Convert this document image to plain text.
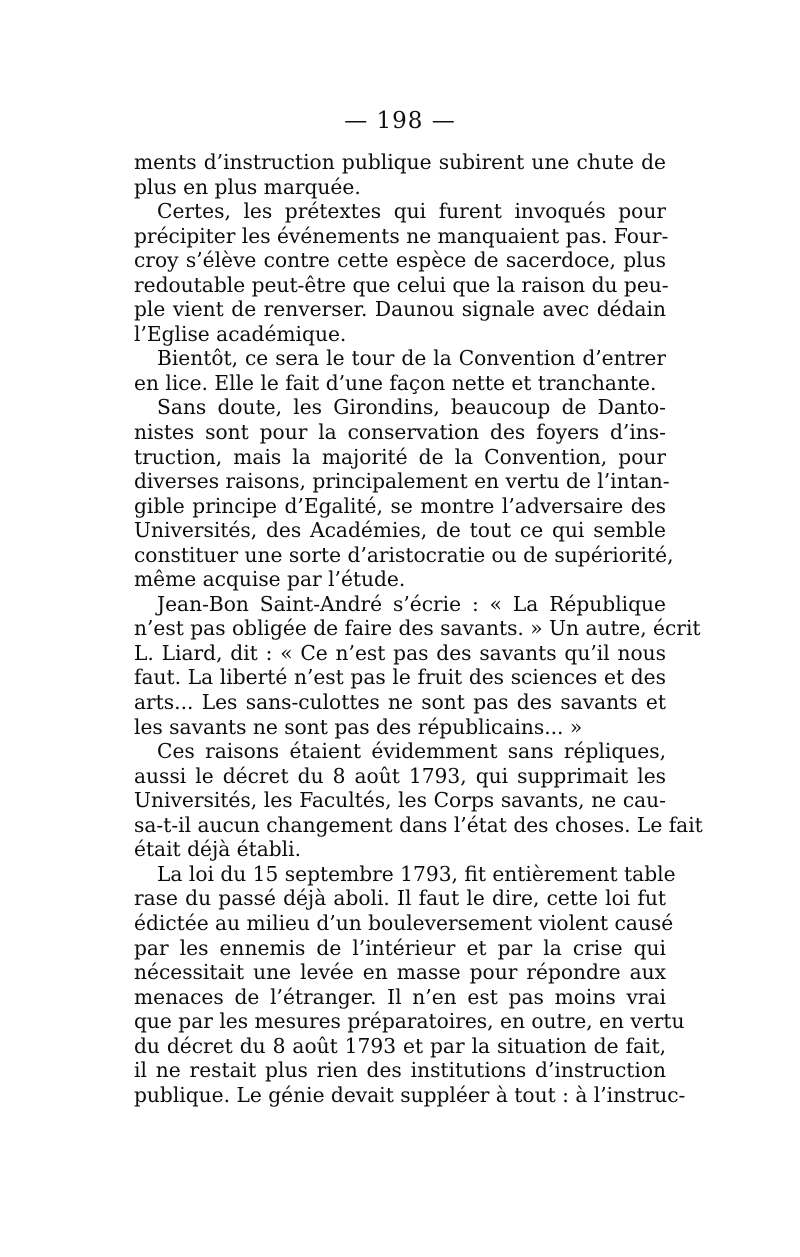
— 198 —
ments d’instruction publique subirent une chute de
plus en plus marquée.
Certes, les prétextes qui furent invoqués pour
précipiter les événements ne manquaient pas. Four-
croy s’élève contre cette espèce de sacerdoce, plus
redoutable peut-être que celui que la raison du peu-
ple vient de renverser. Daunou signale avec dédain
l’Eglise académique.
Bientôt, ce sera le tour de la Convention d’entrer
en lice. Elle le fait d’une façon nette et tranchante.
Sans doute, les Girondins, beaucoup de Danto-
nistes sont pour la conservation des foyers d’ins-
truction, mais la majorité de la Convention, pour
diverses raisons, principalement en vertu de l’intan-
gible principe d’Egalité, se montre l’adversaire des
Universités, des Académies, de tout ce qui semble
constituer une sorte d’aristocratie ou de supériorité,
même acquise par l’étude.
Jean-Bon Saint-André s’écrie : « La République
n’est pas obligée de faire des savants. » Un autre, écrit
L. Liard, dit : « Ce n’est pas des savants qu’il nous
faut. La liberté n’est pas le fruit des sciences et des
arts... Les sans-culottes ne sont pas des savants et
les savants ne sont pas des républicains... »
Ces raisons étaient évidemment sans répliques,
aussi le décret du 8 août 1793, qui supprimait les
Universités, les Facultés, les Corps savants, ne cau-
sa-t-il aucun changement dans l’état des choses. Le fait
était déjà établi.
La loi du 15 septembre 1793, fit entièrement table
rase du passé déjà aboli. Il faut le dire, cette loi fut
édictée au milieu d’un bouleversement violent causé
par les ennemis de l’intérieur et par la crise qui
nécessitait une levée en masse pour répondre aux
menaces de l’étranger. Il n’en est pas moins vrai
que par les mesures préparatoires, en outre, en vertu
du décret du 8 août 1793 et par la situation de fait,
il ne restait plus rien des institutions d’instruction
publique. Le génie devait suppléer à tout : à l’instruc-
